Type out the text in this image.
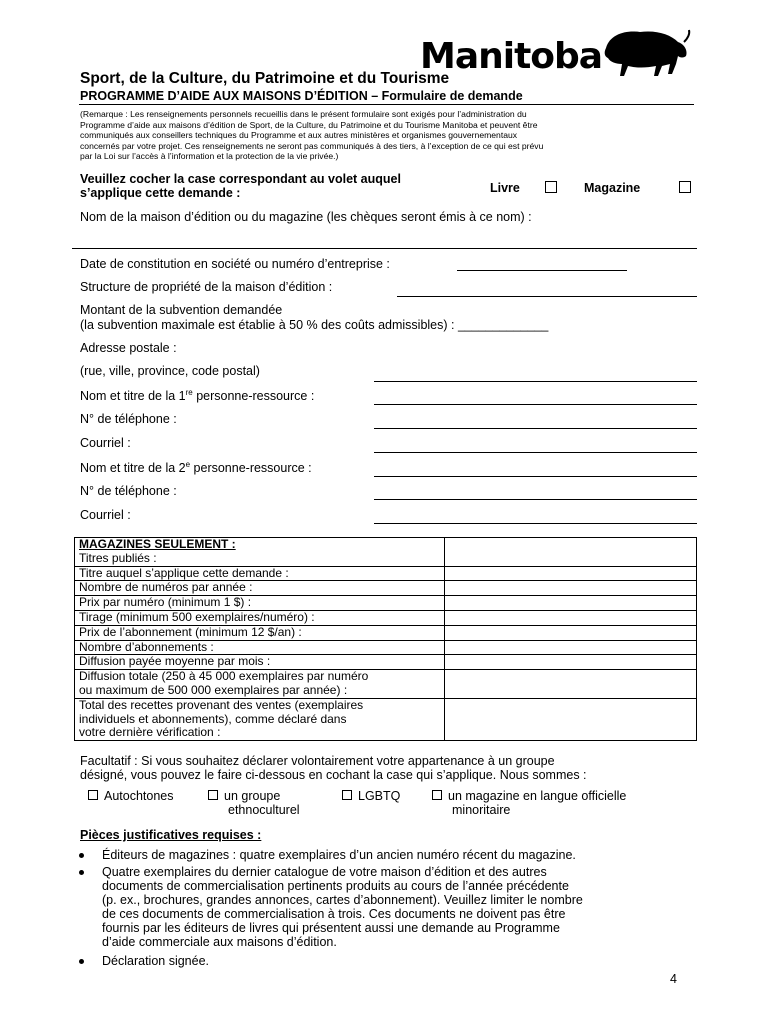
Manitoba
Sport, de la Culture, du Patrimoine et du Tourisme
PROGRAMME D’AIDE AUX MAISONS D’ÉDITION – Formulaire de demande
(Remarque : Les renseignements personnels recueillis dans le présent formulaire sont exigés pour l’administration du
Programme d’aide aux maisons d’édition de Sport, de la Culture, du Patrimoine et du Tourisme Manitoba et peuvent être
communiqués aux conseillers techniques du Programme et aux autres ministères et organismes gouvernementaux
concernés par votre projet. Ces renseignements ne seront pas communiqués à des tiers, à l’exception de ce qui est prévu
par la Loi sur l’accès à l’information et la protection de la vie privée.)
Veuillez cocher la case correspondant au volet auquel
s’applique cette demande :	Livre	Magazine
Nom de la maison d’édition ou du magazine (les chèques seront émis à ce nom) :
Date de constitution en société ou numéro d’entreprise :
Structure de propriété de la maison d’édition :
Montant de la subvention demandée
(la subvention maximale est établie à 50 % des coûts admissibles) : _____________
Adresse postale :
(rue, ville, province, code postal)
Nom et titre de la 1re personne-ressource :
N° de téléphone :
Courriel :
Nom et titre de la 2e personne-ressource :
N° de téléphone :
Courriel :
MAGAZINES SEULEMENT :
Titres publiés :	
Titre auquel s’applique cette demande :	
Nombre de numéros par année :	
Prix par numéro (minimum 1 $) :	
Tirage (minimum 500 exemplaires/numéro) :	
Prix de l’abonnement (minimum 12 $/an) :	
Nombre d’abonnements :	
Diffusion payée moyenne par mois :	
Diffusion totale (250 à 45 000 exemplaires par numéro
ou maximum de 500 000 exemplaires par année) :	
Total des recettes provenant des ventes (exemplaires
individuels et abonnements), comme déclaré dans
votre dernière vérification :	
Facultatif : Si vous souhaitez déclarer volontairement votre appartenance à un groupe
désigné, vous pouvez le faire ci-dessous en cochant la case qui s’applique. Nous sommes :
Autochtones	un groupe
ethnoculturel
LGBTQ	un magazine en langue officielle
minoritaire
Pièces justificatives requises :
Éditeurs de magazines : quatre exemplaires d’un ancien numéro récent du magazine.
Quatre exemplaires du dernier catalogue de votre maison d’édition et des autres
documents de commercialisation pertinents produits au cours de l’année précédente
(p. ex., brochures, grandes annonces, cartes d’abonnement). Veuillez limiter le nombre
de ces documents de commercialisation à trois. Ces documents ne doivent pas être
fournis par les éditeurs de livres qui présentent aussi une demande au Programme
d’aide commerciale aux maisons d’édition.
Déclaration signée.
4
